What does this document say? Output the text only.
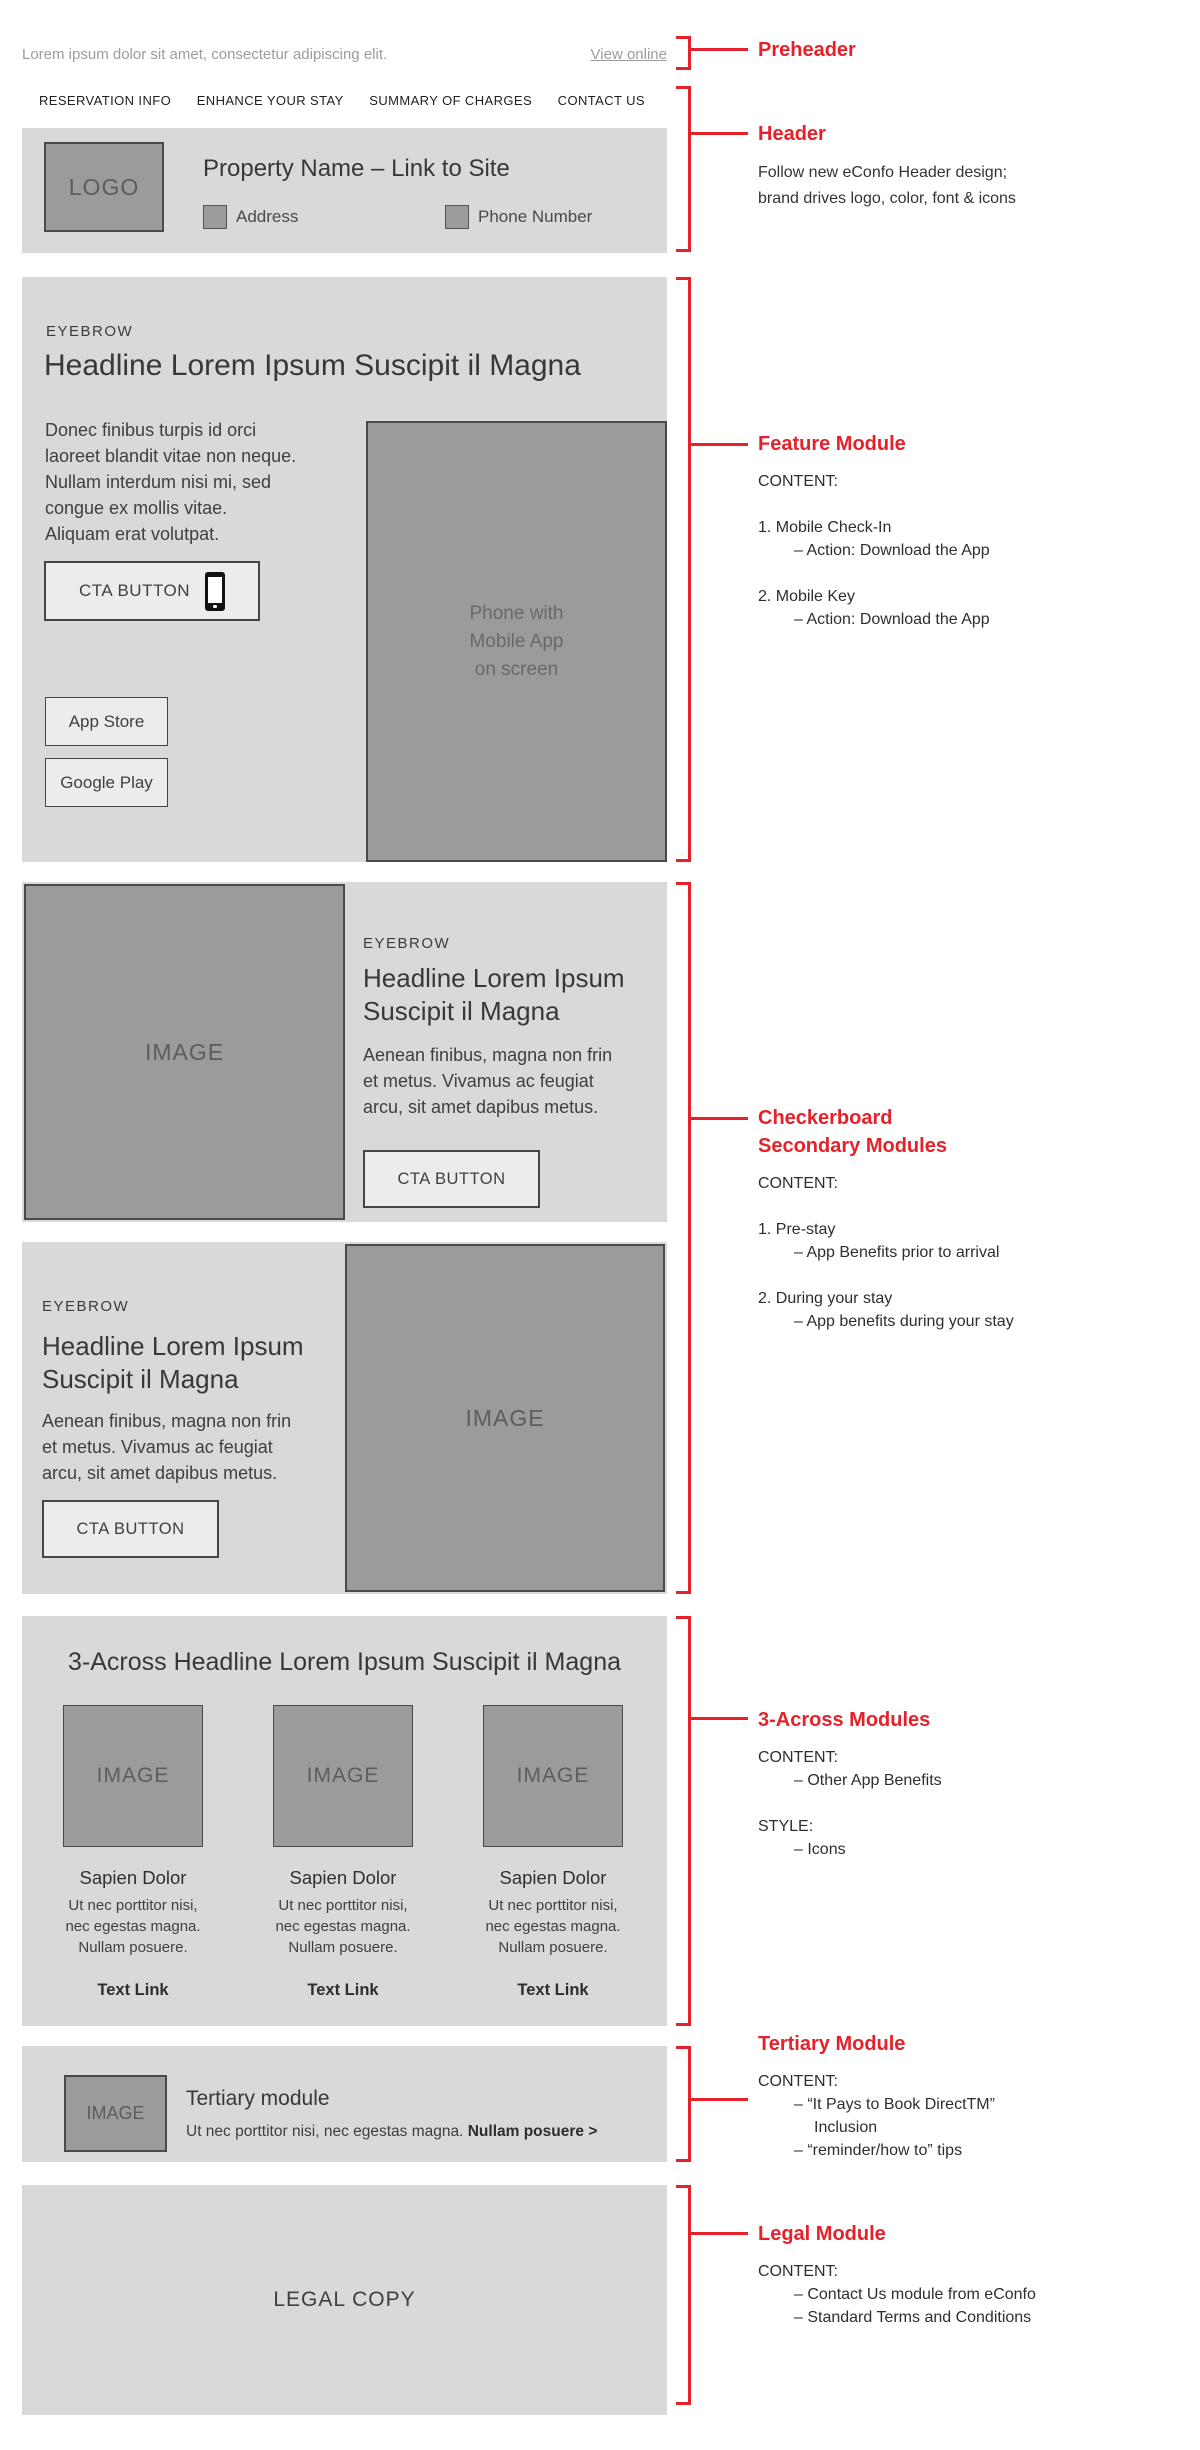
Lorem ipsum dolor sit amet, consectetur adipiscing elit.	View online
RESERVATION INFO ENHANCE YOUR STAY SUMMARY OF CHARGES CONTACT US
LOGO
Property Name – Link to Site
Address	Phone Number
EYEBROW
Headline Lorem Ipsum Suscipit il Magna
Donec finibus turpis id orci
laoreet blandit vitae non neque.
Nullam interdum nisi mi, sed
congue ex mollis vitae.
Aliquam erat volutpat.
CTA BUTTON
App Store
Google Play
Phone with
Mobile App
on screen
IMAGE
EYEBROW
Headline Lorem Ipsum
Suscipit il Magna
Aenean finibus, magna non frin
et metus. Vivamus ac feugiat
arcu, sit amet dapibus metus.
CTA BUTTON
IMAGE
EYEBROW
Headline Lorem Ipsum
Suscipit il Magna
Aenean finibus, magna non frin
et metus. Vivamus ac feugiat
arcu, sit amet dapibus metus.
CTA BUTTON
3-Across Headline Lorem Ipsum Suscipit il Magna
IMAGE
Sapien Dolor
Ut nec porttitor nisi,
nec egestas magna.
Nullam posuere.
Text Link
IMAGE
Sapien Dolor
Ut nec porttitor nisi,
nec egestas magna.
Nullam posuere.
Text Link
IMAGE
Sapien Dolor
Ut nec porttitor nisi,
nec egestas magna.
Nullam posuere.
Text Link
IMAGE
Tertiary module
Ut nec porttitor nisi, nec egestas magna. Nullam posuere >
LEGAL COPY
Preheader
Header
Follow new eConfo Header design;
brand drives logo, color, font & icons
Feature Module
CONTENT:
1. Mobile Check-In
– Action: Download the App
2. Mobile Key
– Action: Download the App
Checkerboard
Secondary Modules
CONTENT:
1. Pre-stay
– App Benefits prior to arrival
2. During your stay
– App benefits during your stay
3-Across Modules
CONTENT:
– Other App Benefits
STYLE:
– Icons
Tertiary Module
CONTENT:
– “It Pays to Book DirectTM”
Inclusion
– “reminder/how to” tips
Legal Module
CONTENT:
– Contact Us module from eConfo
– Standard Terms and Conditions
